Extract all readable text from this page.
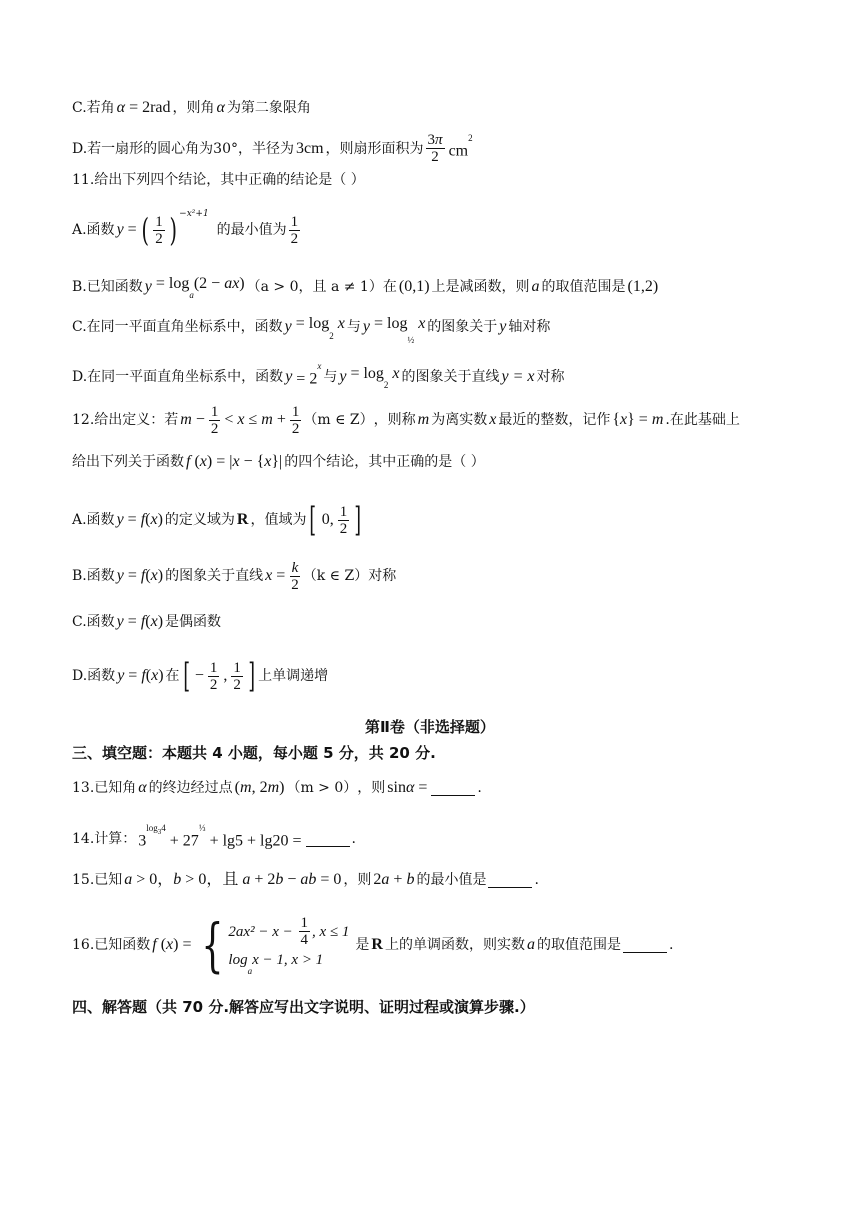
C.若角 α = 2rad ，则角 α 为第二象限角
D.若一扇形的圆心角为30°，半径为 3cm ，则扇形面积为 $\frac{3\pi}{2} cm^2$
11.给出下列四个结论，其中正确的结论是（ ）
A.函数 y = ( $\frac{1}{2}$ ) $^{-x^2+1}$
的最小值为 $\frac{1}{2}$
B.已知函数 $y = \log_a(2 - ax) (a > 0$，且 a ≠ 1） 在 (0,1) 上是减函数，则 a 的取值范围是 (1,2)
C.在同一平面直角坐标系中，函数 $y = \log_2 x$ 与 $y = \log_{\frac{1}{2}} x$ 的图象关于 y 轴对称
D.在同一平面直角坐标系中，函数 $y = 2^x$
与 $y = \log_2 x$ 的图象关于直线 y = x 对称
12.给出定义：若 $m - \frac{1}{2} < x \le m + \frac{1}{2} (m$ ∈ Z） ，则称 m 为离实数 x 最近的整数，记作 {x} = m .在此基础上
给出下列关于函数 f (x) = |x − {x}| 的四个结论，其中正确的是（ ）
A.函数 y = f(x) 的定义域为 R ，值域为 [ 0, $\frac{1}{2}$ ]
B.函数 y = f(x) 的图象关于直线 $x = \frac{k}{2} (k$ ∈ Z） 对称
C.函数 y = f(x) 是偶函数
D.函数 y = f(x) 在 [ − $\frac{1}{2}$ , $\frac{1}{2}$ ] 上单调递增
第Ⅱ卷（非选择题）
三、填空题：本题共 4 小题，每小题 5 分，共 20 分.
13.已知角 α 的终边经过点 (m, 2m) （m > 0） ，则 sinα =	.
14.计算： $3^{log_34} + 27^{\frac{1}{3}} + \lg 5 + \lg 20$ =	.
15.已知 a > 0，b > 0，且 a + 2b − ab = 0 ，则 2a + b 的最小值是	.
16.已知函数 f (x) = { 2 ax $^2 - x - \frac{1}{4}$ , x ≤ 1
$\log_ax - 1$, x > 1
是 R 上的单调函数，则实数 a 的取值范围是	.
四、解答题（共 70 分.解答应写出文字说明、证明过程或演算步骤.）
